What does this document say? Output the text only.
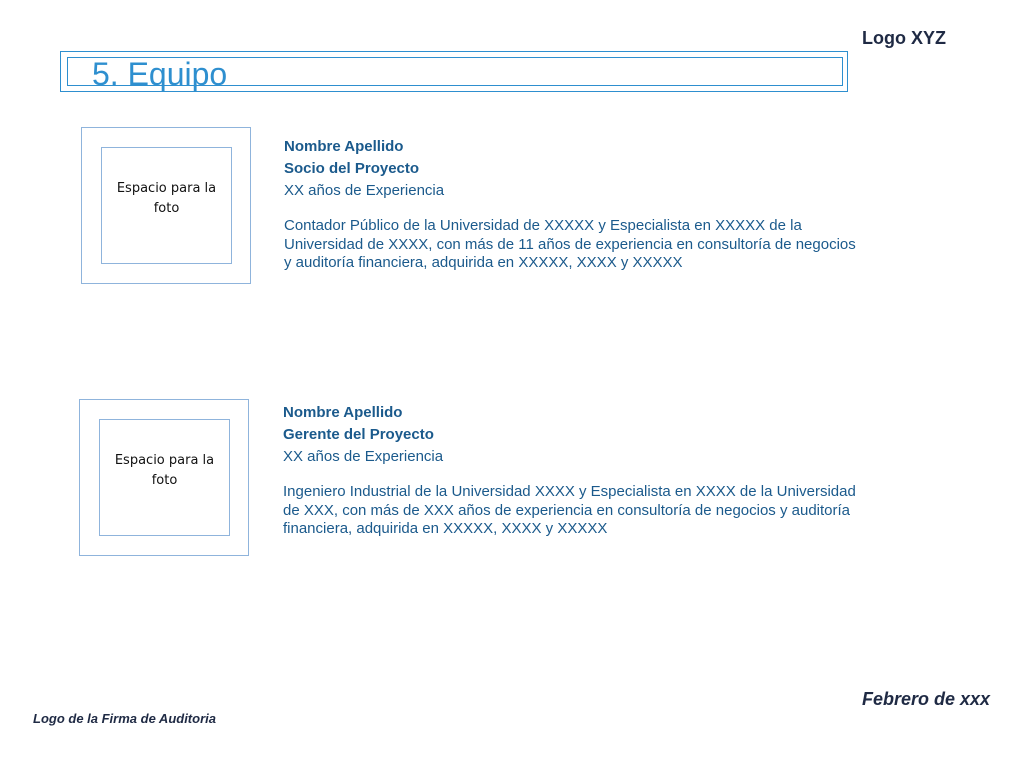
Logo XYZ
5. Equipo
Espacio para la foto
Nombre Apellido
Socio del Proyecto
XX años de Experiencia
Contador Público de la Universidad de XXXXX y Especialista en XXXXX de la Universidad de XXXX, con más de 11 años de experiencia en consultoría de negocios y auditoría financiera, adquirida en XXXXX, XXXX y XXXXX
Espacio para la foto
Nombre Apellido
Gerente del Proyecto
XX años de Experiencia
Ingeniero Industrial de la Universidad XXXX y Especialista en XXXX de la Universidad de XXX, con más de XXX años de experiencia en consultoría de negocios y auditoría financiera, adquirida en XXXXX, XXXX y XXXXX
Febrero de xxx
Logo de la Firma de Auditoria
